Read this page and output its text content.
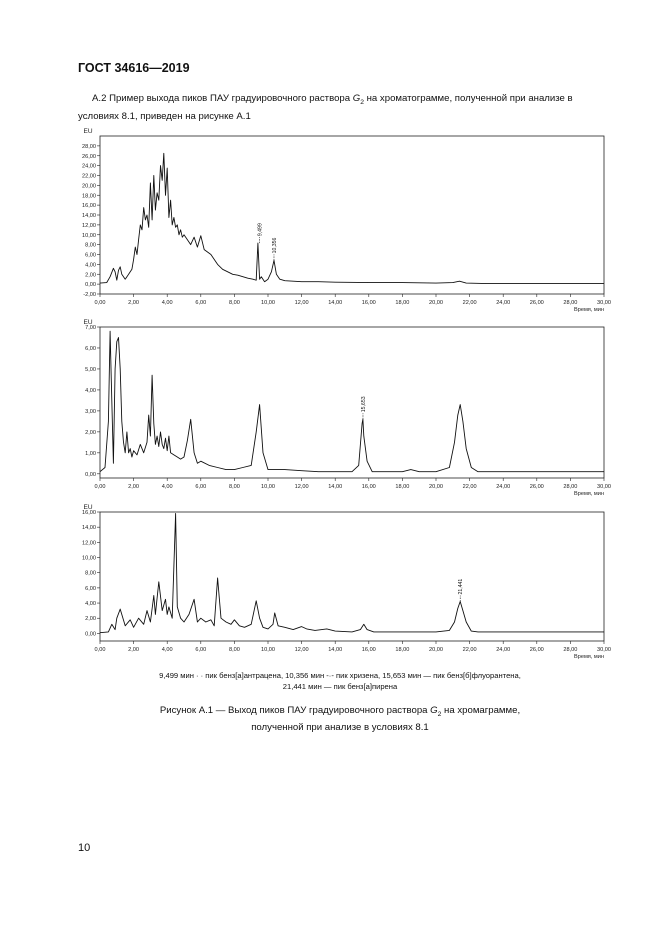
ГОСТ 34616—2019
А.2 Пример выхода пиков ПАУ градуировочного раствора $G_2$ на хроматограмме, полученной при анализе в
условиях 8.1, приведен на рисунке А.1
-2,00
0,00
2,00
4,00
6,00
8,00
10,00
12,00
14,00
16,00
18,00
20,00
22,00
24,00
26,00
28,00
0,00	2,00	4,00	6,00	8,00	10,00	12,00	14,00	16,00	18,00	20,00	22,00	24,00	26,00	28,00	30,00
EU
Время, мин
9,499
10,356
0,00
1,00
2,00
3,00
4,00
5,00
6,00
7,00
0,00	2,00	4,00	6,00	8,00	10,00	12,00	14,00	16,00	18,00	20,00	22,00	24,00	26,00	28,00	30,00
EU
Время, мин
15,653
0,00
2,00
4,00
6,00
8,00
10,00
12,00
14,00
16,00
0,00	2,00	4,00	6,00	8,00	10,00	12,00	14,00	16,00	18,00	20,00	22,00	24,00	26,00	28,00	30,00
EU
Время, мин
21,441
9,499 мин · · пик бенз[а]антрацена, 10,356 мин -·- пик хризена, 15,653 мин — пик бенз[б]флуорантена,
21,441 мин — пик бенз[а]пирена
Рисунок А.1 — Выход пиков ПАУ градуировочного раствора $G_2$ на хромаграмме,
полученной при анализе в условиях 8.1
10
